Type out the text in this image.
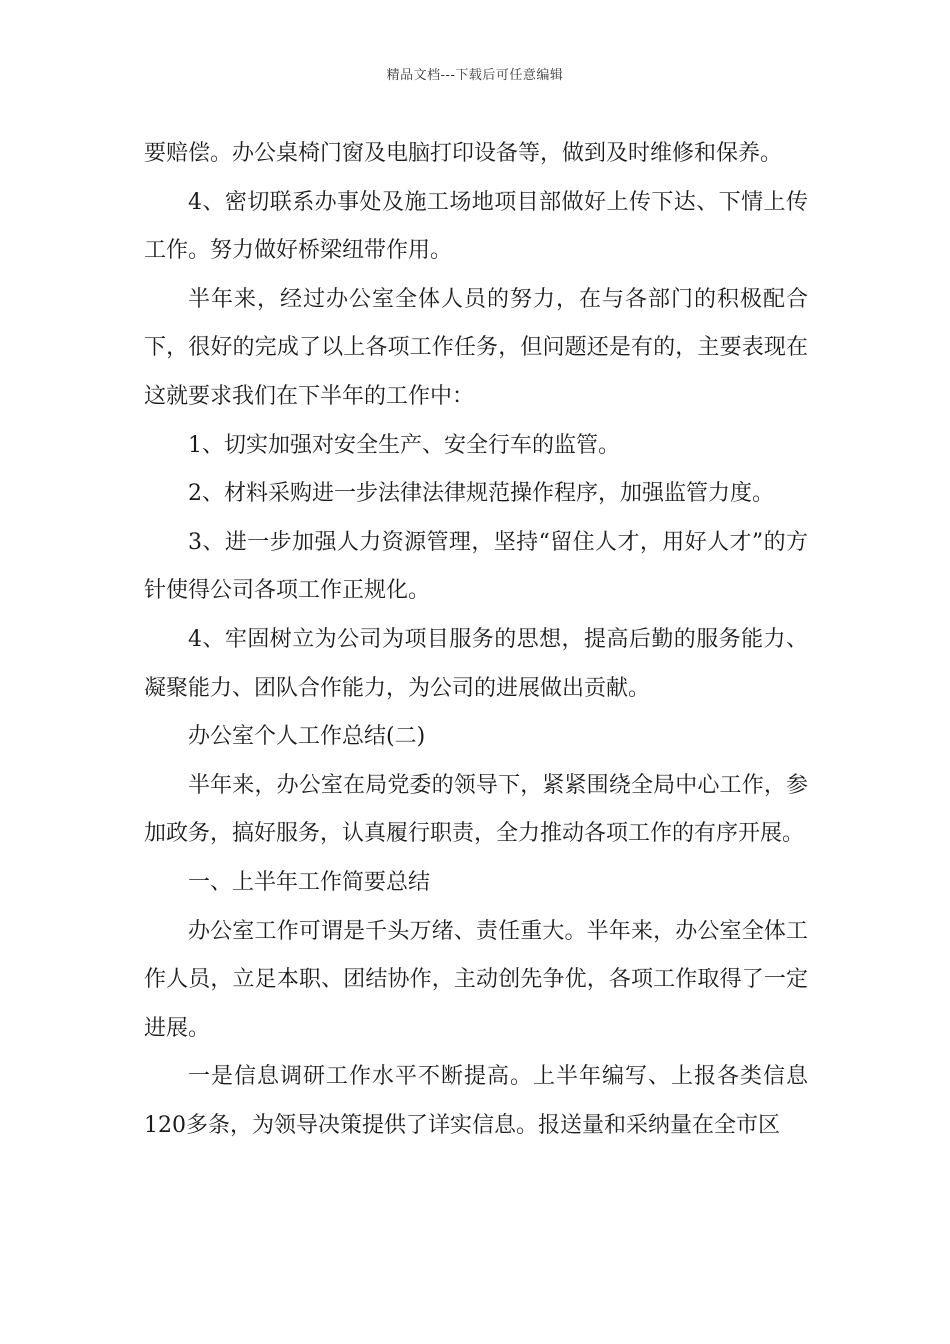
精品文档---下载后可任意编辑

要赔偿。办公桌椅门窗及电脑打印设备等，做到及时维修和保养。

4、密切联系办事处及施工场地项目部做好上传下达、下情上传工作。努力做好桥梁纽带作用。

半年来，经过办公室全体人员的努力，在与各部门的积极配合下，很好的完成了以上各项工作任务，但问题还是有的，主要表现在这就要求我们在下半年的工作中：

1、切实加强对安全生产、安全行车的监管。

2、材料采购进一步法律法律规范操作程序，加强监管力度。

3、进一步加强人力资源管理，坚持“留住人才，用好人才”的方针使得公司各项工作正规化。

4、牢固树立为公司为项目服务的思想，提高后勤的服务能力、凝聚能力、团队合作能力，为公司的进展做出贡献。

办公室个人工作总结(二)

半年来，办公室在局党委的领导下，紧紧围绕全局中心工作，参加政务，搞好服务，认真履行职责，全力推动各项工作的有序开展。

一、上半年工作简要总结

办公室工作可谓是千头万绪、责任重大。半年来，办公室全体工作人员，立足本职、团结协作，主动创先争优，各项工作取得了一定进展。

一是信息调研工作水平不断提高。上半年编写、上报各类信息120多条，为领导决策提供了详实信息。报送量和采纳量在全市区
